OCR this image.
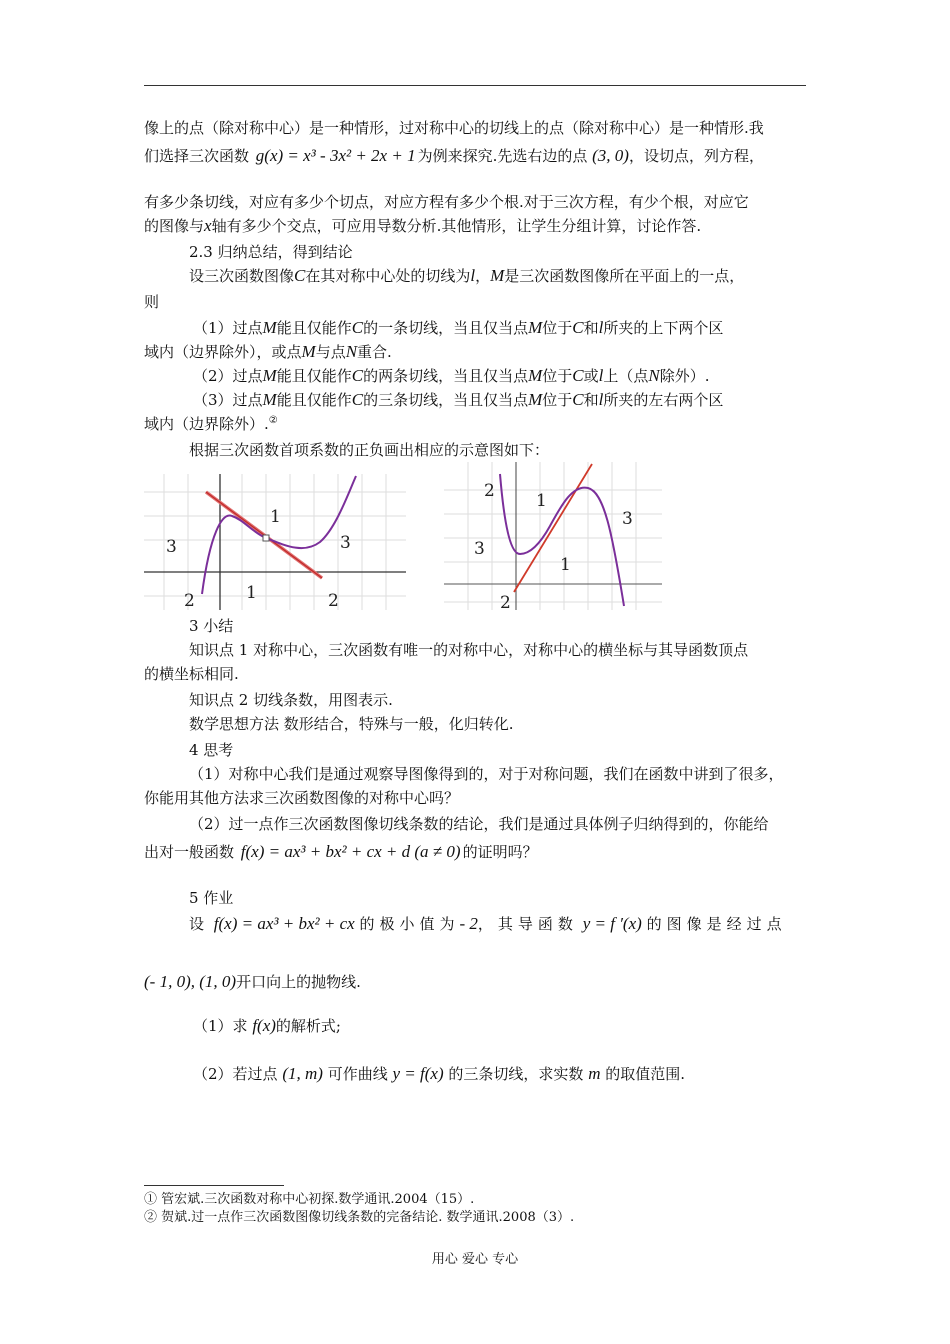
像上的点（除对称中心）是一种情形，过对称中心的切线上的点（除对称中心）是一种情形.我
们选择三次函数 g(x) = x³ - 3x² + 2x + 1 为例来探究.先选右边的点 (3, 0)，设切点，列方程，
有多少条切线，对应有多少个切点，对应方程有多少个根.对于三次方程，有少个根，对应它
的图像与x轴有多少个交点，可应用导数分析.其他情形，让学生分组计算，讨论作答.
2.3 归纳总结，得到结论
设三次函数图像C在其对称中心处的切线为l，M是三次函数图像所在平面上的一点，
则
（1）过点M能且仅能作C的一条切线，当且仅当点M位于C和l所夹的上下两个区
域内（边界除外），或点M与点N重合.
（2）过点M能且仅能作C的两条切线，当且仅当点M位于C或l上（点N除外）.
（3）过点M能且仅能作C的三条切线，当且仅当点M位于C和l所夹的左右两个区
域内（边界除外）.②
根据三次函数首项系数的正负画出相应的示意图如下：
1
3	3
2	1	2
2 1
3
3
1
2
3 小结
知识点 1 对称中心，三次函数有唯一的对称中心，对称中心的横坐标与其导函数顶点
的横坐标相同.
知识点 2 切线条数，用图表示.
数学思想方法 数形结合，特殊与一般，化归转化.
4 思考
（1）对称中心我们是通过观察导图像得到的，对于对称问题，我们在函数中讲到了很多，
你能用其他方法求三次函数图像的对称中心吗？
（2）过一点作三次函数图像切线条数的结论，我们是通过具体例子归纳得到的，你能给
出对一般函数 f(x) = ax³ + bx² + cx + d (a ≠ 0) 的证明吗？
5 作业
设 f(x) = ax³ + bx² + cx 的极小值为- 2，其导函数 y = f ′(x) 的图像是经过点
(- 1, 0), (1, 0)开口向上的抛物线.
（1）求 f(x)的解析式;
（2）若过点 (1, m) 可作曲线 y = f(x) 的三条切线，求实数 m 的取值范围.
① 管宏斌.三次函数对称中心初探.数学通讯.2004（15）.
② 贺斌.过一点作三次函数图像切线条数的完备结论. 数学通讯.2008（3）.
用心 爱心 专心
